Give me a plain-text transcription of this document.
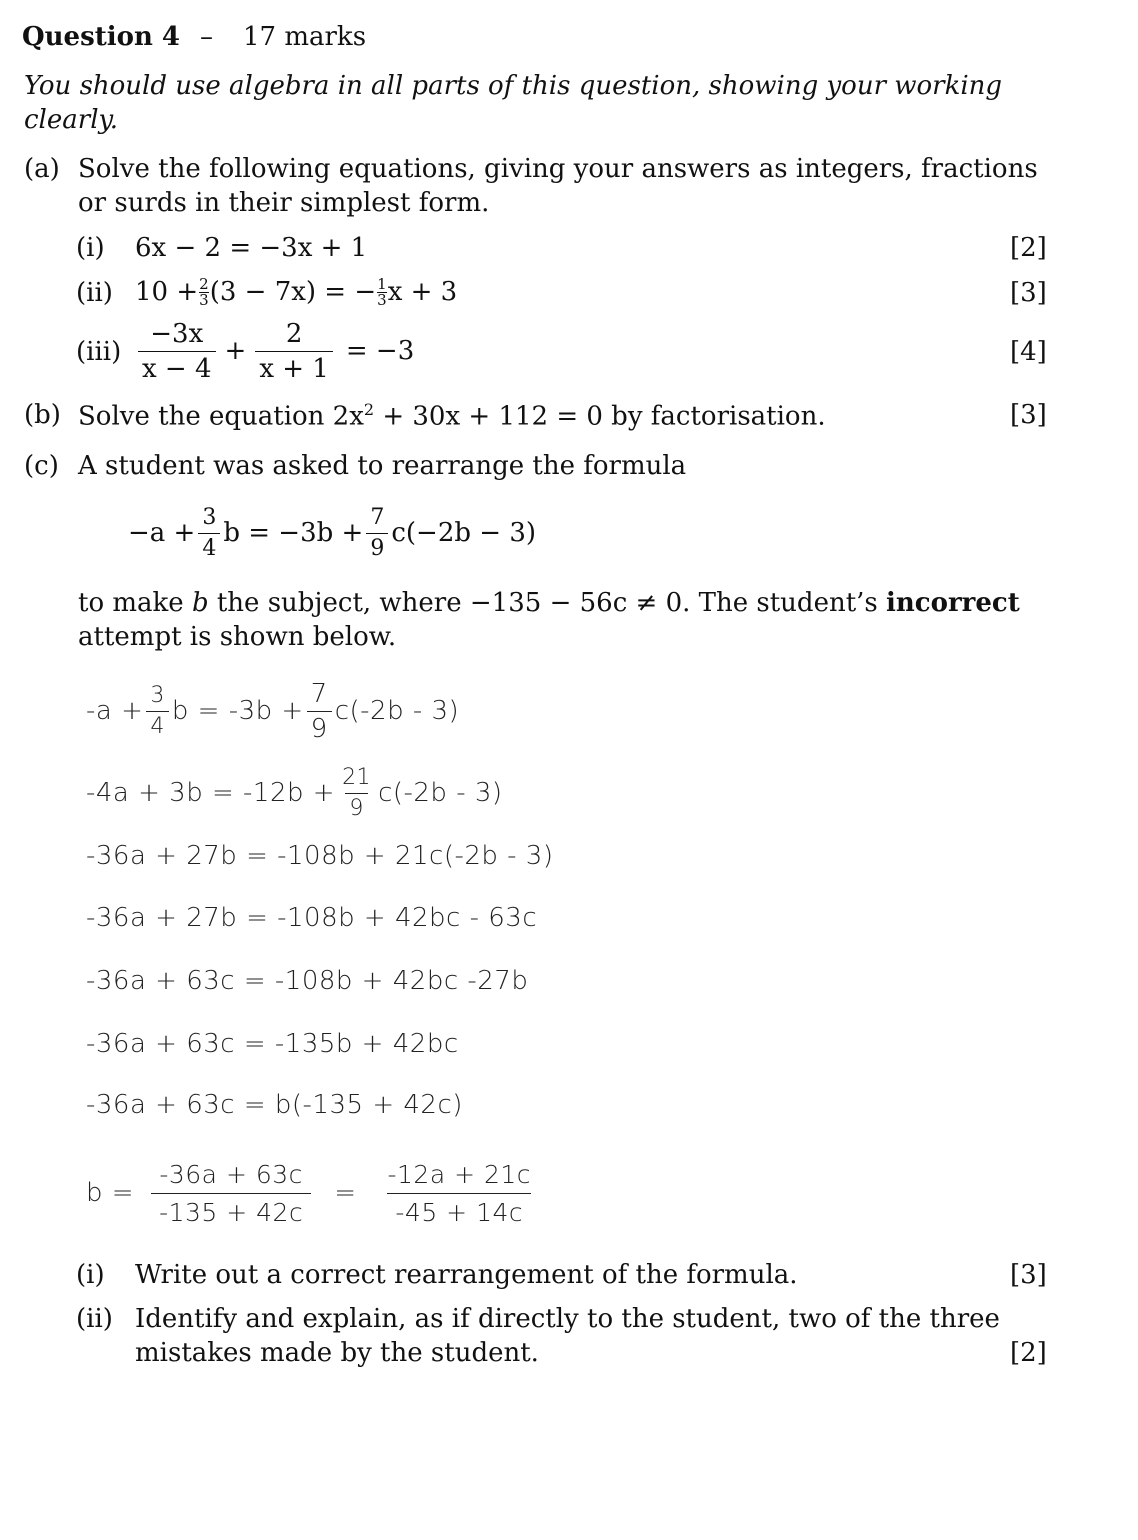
Question 4 – 17 marks
You should use algebra in all parts of this question, showing your working
clearly.
(a) Solve the following equations, giving your answers as integers, fractions
or surds in their simplest form.
(i) 6x − 2 = −3x + 1	[2]
(ii) $10 + \frac{2}{3} (3 - 7x)$ = − $\frac{1}{3}$ x + 3	[3]
$(iii) \frac{-3x}{x - 4} + \frac{2}{x + 1} = -3$	[4]
(b) Solve the equation $2x^2 + 30x + 112 = 0$ by factorisation.	[3]
(c) A student was asked to rearrange the formula
$-a + \frac{3}{4}$ $b = -3b + \frac{7}{9} c(-2b - 3)$
to make b the subject, where −135 − 56c ≠ 0. The student’s incorrect
attempt is shown below.
$-a + \frac{3}{4}$ $b = -3b + \frac{7}{9} c(-2b - 3)$
$-4a + 3b = -12b + \frac{21}{9} c(-2b - 3)$
-36a + 27b = -108b + 21c(-2b - 3)
-36a + 27b = -108b + 42bc - 63c
-36a + 63c = -108b + 42bc -27b
-36a + 63c = -135b + 42bc
-36a + 63c = b(-135 + 42c)
$b = \frac{-36a + 63c}{-135 + 42c} = \frac{-12a + 21c}{-45 + 14c}$
(i) Write out a correct rearrangement of the formula.	[3]
(ii) Identify and explain, as if directly to the student, two of the three
mistakes made by the student.	[2]
